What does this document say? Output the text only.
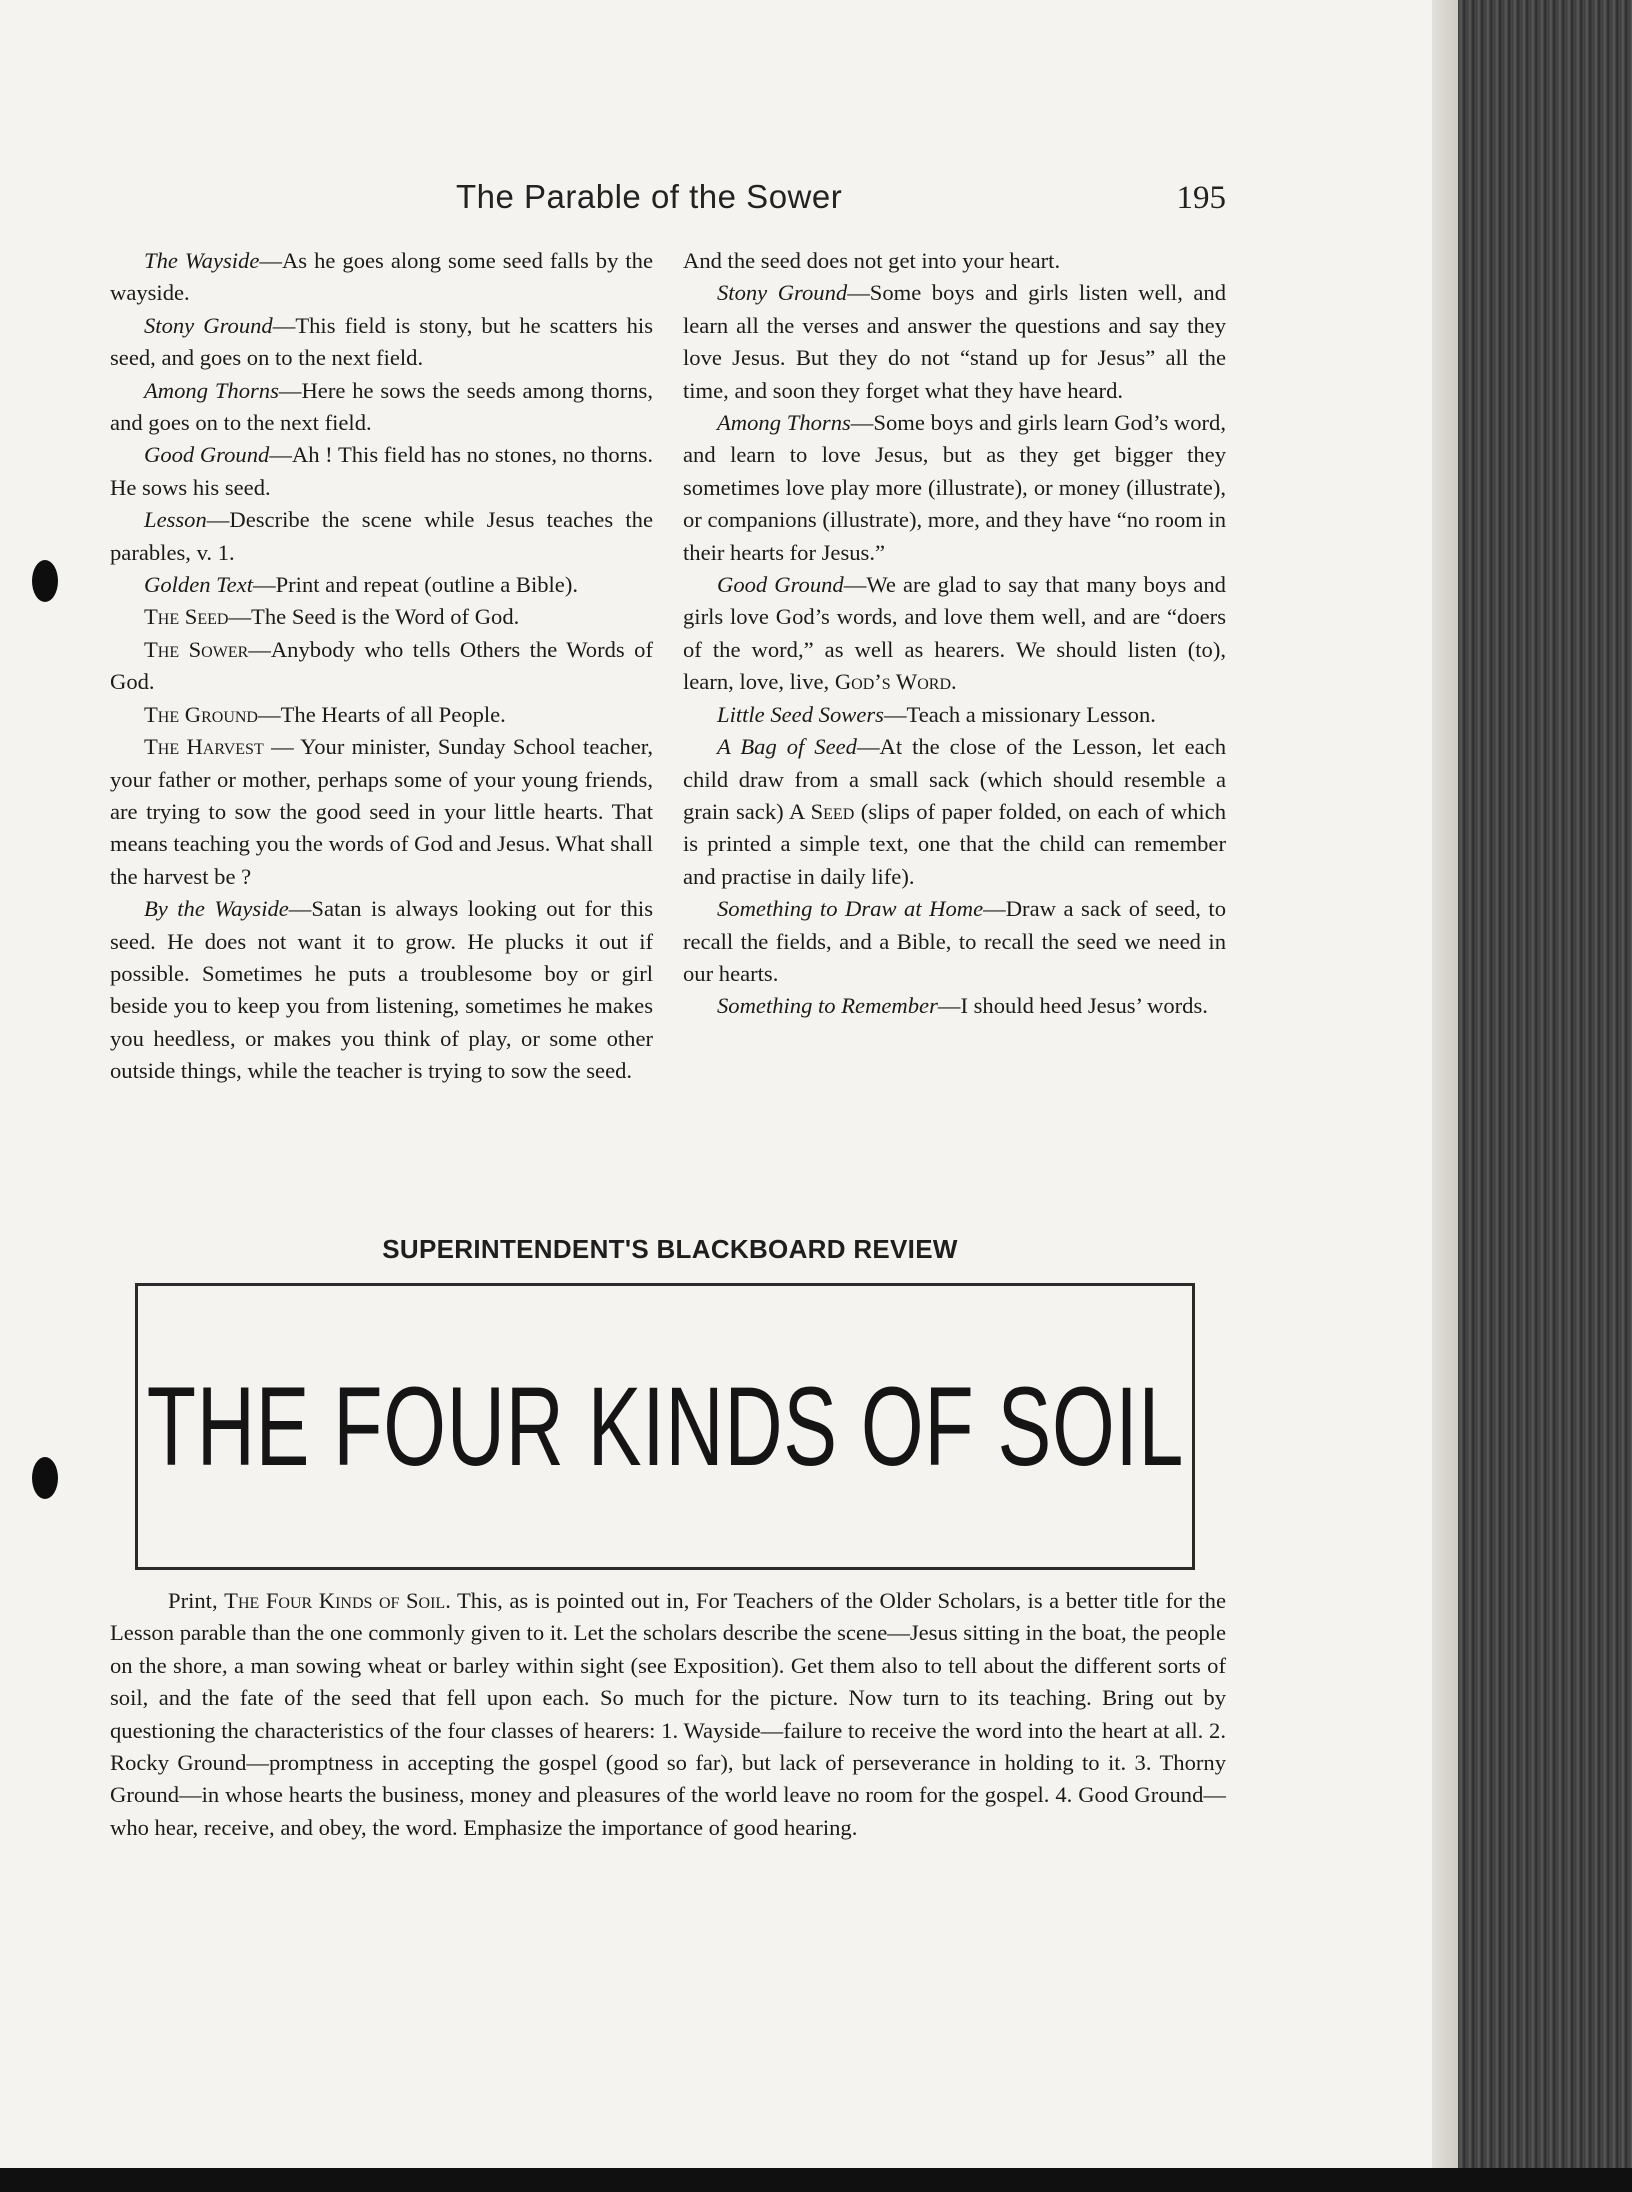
The Parable of the Sower	195

The Wayside—As he goes along some seed falls by the wayside.

Stony Ground—This field is stony, but he scatters his seed, and goes on to the next field.

Among Thorns—Here he sows the seeds among thorns, and goes on to the next field.

Good Ground—Ah ! This field has no stones, no thorns. He sows his seed.

Lesson—Describe the scene while Jesus teaches the parables, v. 1.

Golden Text—Print and repeat (outline a Bible).

The Seed—The Seed is the Word of God.

The Sower—Anybody who tells Others the Words of God.

The Ground—The Hearts of all People.

The Harvest — Your minister, Sunday School teacher, your father or mother, perhaps some of your young friends, are trying to sow the good seed in your little hearts. That means teaching you the words of God and Jesus. What shall the harvest be ?

By the Wayside—Satan is always looking out for this seed. He does not want it to grow. He plucks it out if possible. Sometimes he puts a troublesome boy or girl beside you to keep you from listening, sometimes he makes you heedless, or makes you think of play, or some other outside things, while the teacher is trying to sow the seed.

And the seed does not get into your heart.

Stony Ground—Some boys and girls listen well, and learn all the verses and answer the questions and say they love Jesus. But they do not “stand up for Jesus” all the time, and soon they forget what they have heard.

Among Thorns—Some boys and girls learn God’s word, and learn to love Jesus, but as they get bigger they sometimes love play more (illustrate), or money (illustrate), or companions (illustrate), more, and they have “no room in their hearts for Jesus.”

Good Ground—We are glad to say that many boys and girls love God’s words, and love them well, and are “doers of the word,” as well as hearers. We should listen (to), learn, love, live, God’s Word.

Little Seed Sowers—Teach a missionary Lesson.

A Bag of Seed—At the close of the Lesson, let each child draw from a small sack (which should resemble a grain sack) A Seed (slips of paper folded, on each of which is printed a simple text, one that the child can remember and practise in daily life).

Something to Draw at Home—Draw a sack of seed, to recall the fields, and a Bible, to recall the seed we need in our hearts.

Something to Remember—I should heed Jesus’ words.

SUPERINTENDENT'S BLACKBOARD REVIEW
THE FOUR KINDS OF SOIL

Print, The Four Kinds of Soil. This, as is pointed out in, For Teachers of the Older Scholars, is a better title for the Lesson parable than the one commonly given to it. Let the scholars describe the scene—Jesus sitting in the boat, the people on the shore, a man sowing wheat or barley within sight (see Exposition). Get them also to tell about the different sorts of soil, and the fate of the seed that fell upon each. So much for the picture. Now turn to its teaching. Bring out by questioning the characteristics of the four classes of hearers: 1. Wayside—failure to receive the word into the heart at all. 2. Rocky Ground—promptness in accepting the gospel (good so far), but lack of perseverance in holding to it. 3. Thorny Ground—in whose hearts the business, money and pleasures of the world leave no room for the gospel. 4. Good Ground—who hear, receive, and obey, the word. Emphasize the importance of good hearing.
